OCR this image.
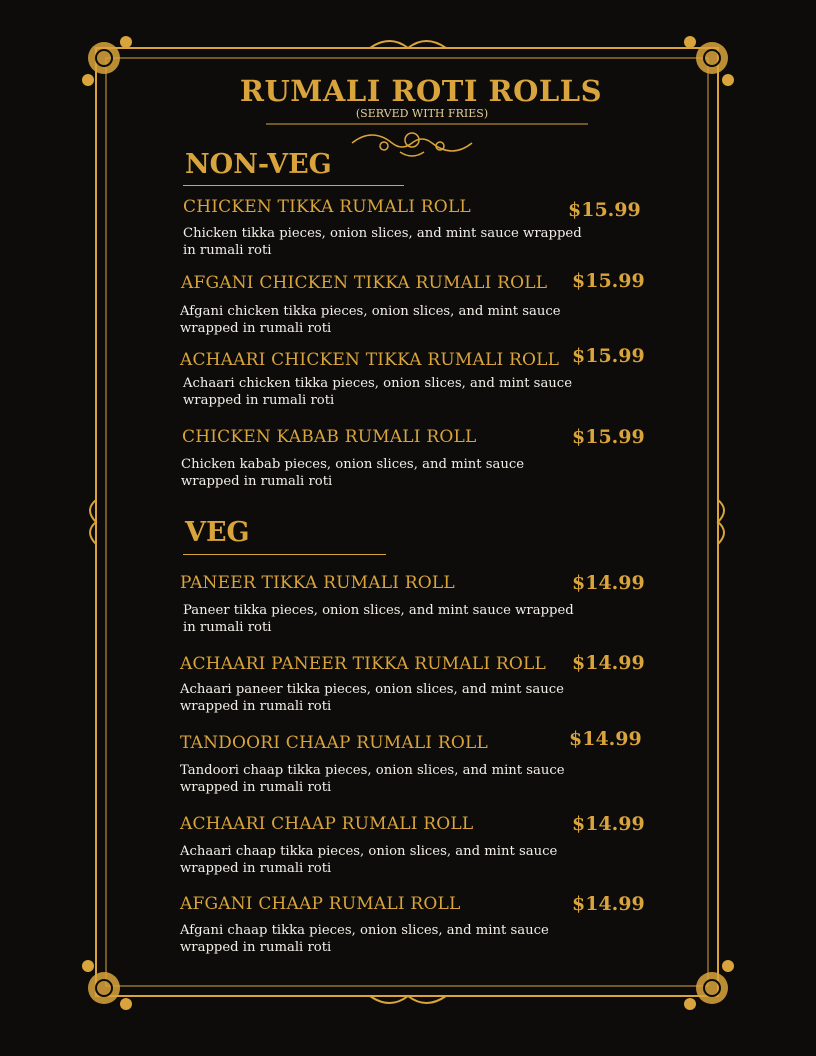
RUMALI ROTI ROLLS
(SERVED WITH FRIES)
NON-VEG
CHICKEN TIKKA RUMALI ROLL	$15.99
Chicken tikka pieces, onion slices, and mint sauce wrapped in rumali roti
AFGANI CHICKEN TIKKA RUMALI ROLL $15.99
Afgani chicken tikka pieces, onion slices, and mint sauce wrapped in rumali roti
ACHAARI CHICKEN TIKKA RUMALI ROLL $15.99
Achaari chicken tikka pieces, onion slices, and mint sauce wrapped in rumali roti
CHICKEN KABAB RUMALI ROLL	$15.99
Chicken kabab pieces, onion slices, and mint sauce wrapped in rumali roti
VEG
PANEER TIKKA RUMALI ROLL	$14.99
Paneer tikka pieces, onion slices, and mint sauce wrapped in rumali roti
ACHAARI PANEER TIKKA RUMALI ROLL $14.99
Achaari paneer tikka pieces, onion slices, and mint sauce wrapped in rumali roti
TANDOORI CHAAP RUMALI ROLL	$14.99
Tandoori chaap tikka pieces, onion slices, and mint sauce wrapped in rumali roti
ACHAARI CHAAP RUMALI ROLL	$14.99
Achaari chaap tikka pieces, onion slices, and mint sauce wrapped in rumali roti
AFGANI CHAAP RUMALI ROLL	$14.99
Afgani chaap tikka pieces, onion slices, and mint sauce wrapped in rumali roti
